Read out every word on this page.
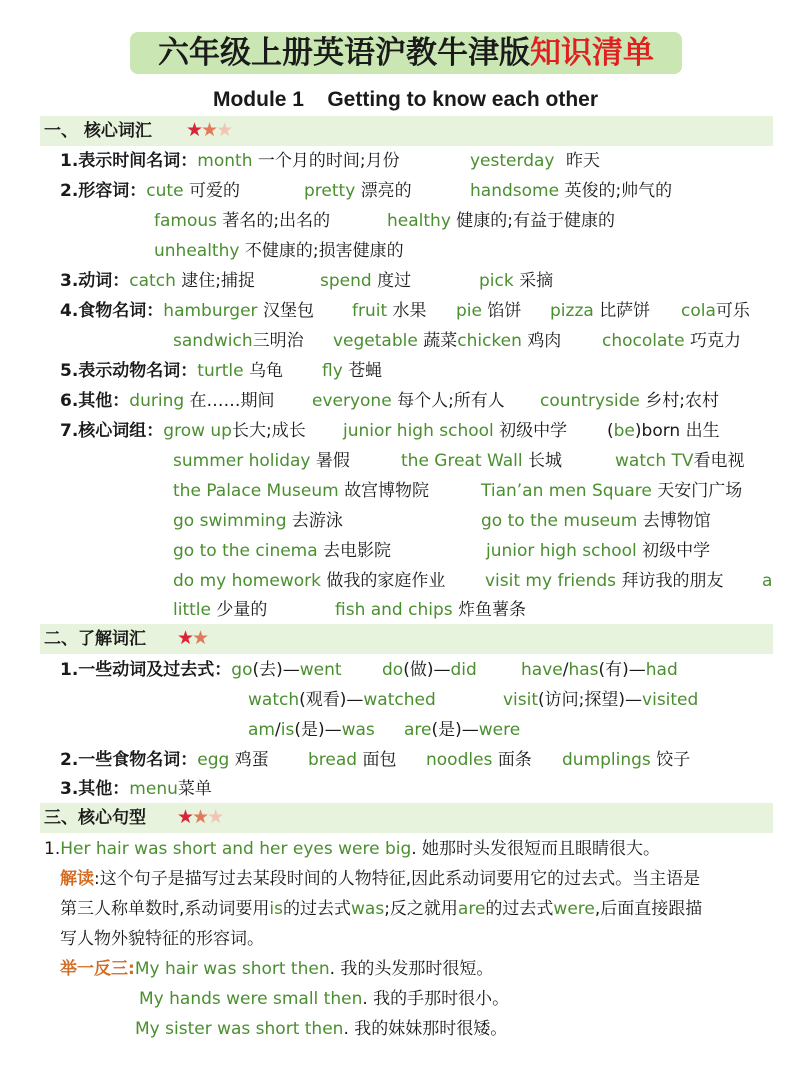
六年级上册英语沪教牛津版知识清单
Module 1    Getting to know each other
一、 核心词汇 ★★★
1.表示时间名词：month 一个月的时间;月份	yesterday 昨天
2.形容词：cute 可爱的	pretty 漂亮的	handsome 英俊的;帅气的
famous 著名的;出名的	healthy 健康的;有益于健康的
unhealthy 不健康的;损害健康的
3.动词：catch 逮住;捕捉	spend 度过	pick 采摘
4.食物名词：hamburger 汉堡包 fruit 水果 pie 馅饼 pizza 比萨饼 cola可乐
sandwich三明治 vegetable 蔬菜chicken 鸡肉 chocolate 巧克力
5.表示动物名词：turtle 乌龟 fly 苍蝇
6.其他：during 在……期间 everyone 每个人;所有人 countryside 乡村;农村
7.核心词组：grow up长大;成长 junior high school 初级中学 (be)born 出生
summer holiday 暑假	the Great Wall 长城	watch TV看电视
the Palace Museum 故宫博物院	Tian’an men Square 天安门广场
go swimming 去游泳	go to the museum 去博物馆
go to the cinema 去电影院	junior high school 初级中学
do my homework 做我的家庭作业 visit my friends 拜访我的朋友 a
little 少量的	fish and chips 炸鱼薯条
二、了解词汇 ★★
1.一些动词及过去式：go(去)—went do(做)—did	have/has(有)—had
watch(观看)—watched	visit(访问;探望)—visited
am/is(是)—was are(是)—were
2.一些食物名词：egg 鸡蛋 bread 面包 noodles 面条 dumplings 饺子
3.其他：menu菜单
三、核心句型 ★★★
1.Her hair was short and her eyes were big. 她那时头发很短而且眼睛很大。
解读:这个句子是描写过去某段时间的人物特征,因此系动词要用它的过去式。当主语是
第三人称单数时,系动词要用is的过去式was;反之就用are的过去式were,后面直接跟描
写人物外貌特征的形容词。
举一反三:My hair was short then. 我的头发那时很短。
My hands were small then. 我的手那时很小。
My sister was short then. 我的妹妹那时很矮。
